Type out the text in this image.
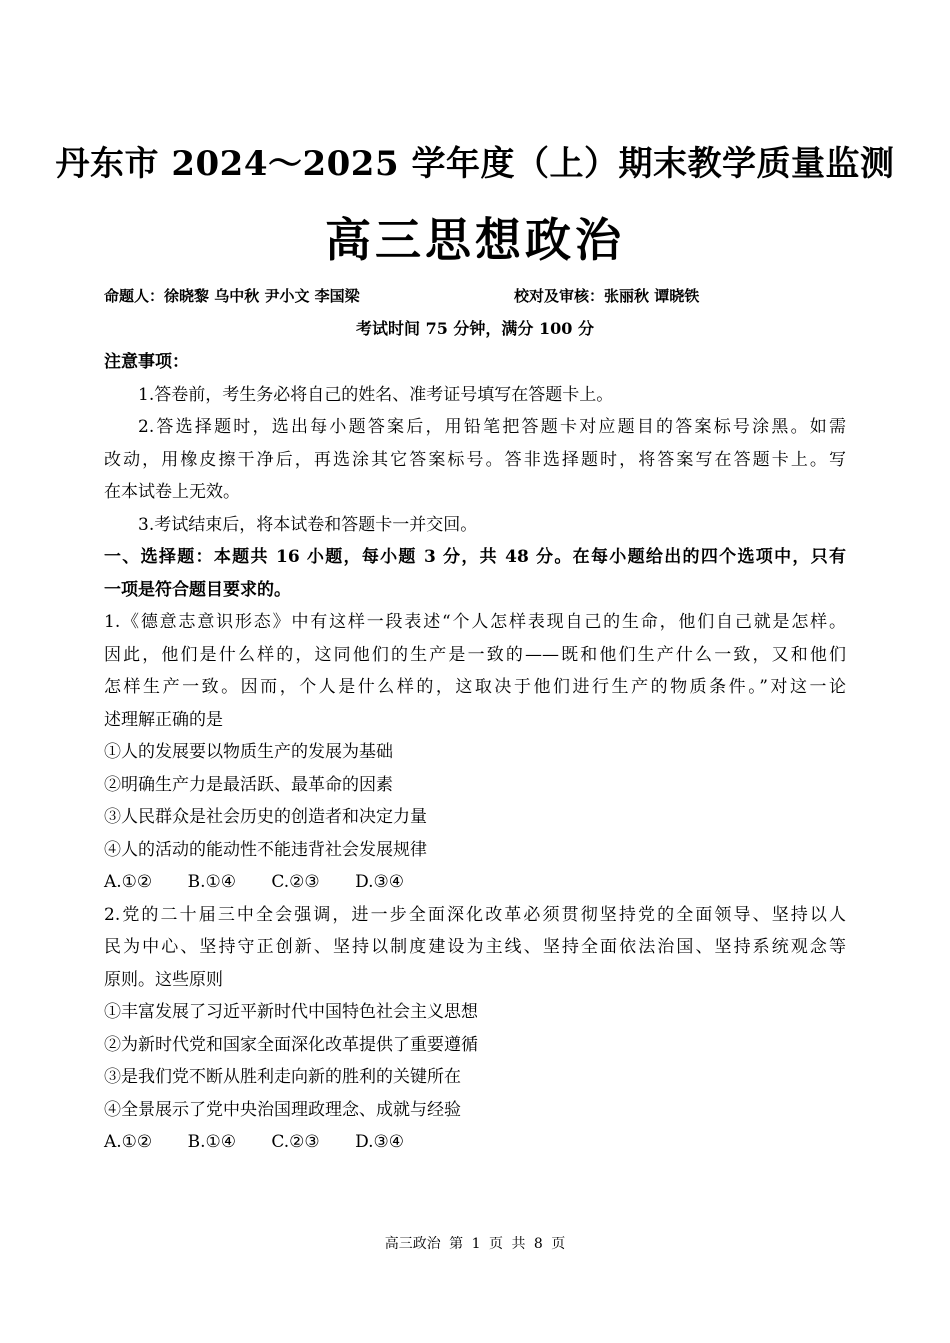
丹东市 2024～2025 学年度（上）期末教学质量监测
高三思想政治
命题人：徐晓黎 乌中秋 尹小文 李国梁	校对及审核：张丽秋 谭晓铁
考试时间 75 分钟，满分 100 分
注意事项：
1.答卷前，考生务必将自己的姓名、准考证号填写在答题卡上。
2.答选择题时，选出每小题答案后，用铅笔把答题卡对应题目的答案标号涂黑。如需
改动，用橡皮擦干净后，再选涂其它答案标号。答非选择题时，将答案写在答题卡上。写
在本试卷上无效。
3.考试结束后，将本试卷和答题卡一并交回。
一、选择题：本题共 16 小题，每小题 3 分，共 48 分。在每小题给出的四个选项中，只有
一项是符合题目要求的。
1.《德意志意识形态》中有这样一段表述“个人怎样表现自己的生命，他们自己就是怎样。
因此，他们是什么样的，这同他们的生产是一致的——既和他们生产什么一致，又和他们
怎样生产一致。因而，个人是什么样的，这取决于他们进行生产的物质条件。”对这一论
述理解正确的是
①人的发展要以物质生产的发展为基础
②明确生产力是最活跃、最革命的因素
③人民群众是社会历史的创造者和决定力量
④人的活动的能动性不能违背社会发展规律
A.①② B.①④ C.②③ D.③④
2.党的二十届三中全会强调，进一步全面深化改革必须贯彻坚持党的全面领导、坚持以人
民为中心、坚持守正创新、坚持以制度建设为主线、坚持全面依法治国、坚持系统观念等
原则。这些原则
①丰富发展了习近平新时代中国特色社会主义思想
②为新时代党和国家全面深化改革提供了重要遵循
③是我们党不断从胜利走向新的胜利的关键所在
④全景展示了党中央治国理政理念、成就与经验
A.①② B.①④ C.②③ D.③④
高三政治 第 1 页 共 8 页
